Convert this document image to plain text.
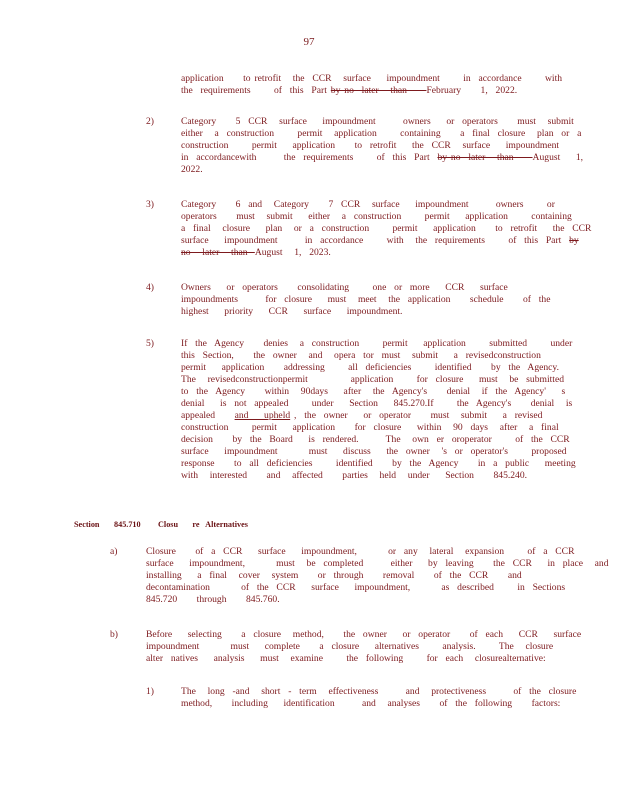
97
application     to retrofit   the  CCR   surface    impoundment      in  accordance      with
the  requirements      of  this  Part by no  later   than     February     1,  2022.
2)	Category     5  CCR   surface    impoundment       owners    or  operators     must   submit
either   a  construction      permit   application      containing     a  final  closure   plan  or  a
construction      permit    application     to  retrofit    the  CCR   surface    impoundment
in  accordancewith       the  requirements      of  this  Part  by no  later   than     August    1,
2022.
3)	Category     6  and   Category     7  CCR   surface    impoundment       owners      or
operators     must   submit    either   a  construction      permit    application      containing
a  final   closure    plan   or  a  construction      permit    application     to  retrofit    the  CCR
surface    impoundment       in  accordance      with   the  requirements      of  this  Part  by
no   later   than  August   1,  2023.
4)	Owners    or  operators     consolidating      one  or  more    CCR    surface
impoundments       for  closure    must   meet   the  application     schedule     of  the
highest    priority    CCR    surface    impoundment.
5)	If  the  Agency     denies   a  construction      permit    application      submitted      under
this  Section,     the  owner   and   opera  tor  must   submit    a  revisedconstruction
permit    application     addressing      all  deficiencies      identified     by  the  Agency.
The   revisedconstructionpermit           application      for  closure    must   be  submitted
to  the  Agency     within   90days    after   the  Agency's     denial   if  the  Agency'    s
denial    is  not  appealed      under    Section    845.270.If      the  Agency's     denial   is
appealed     and    upheld ,  the  owner    or  operator     must   submit    a  revised
construction      permit    application     for  closure    within   90  days   after   a  final
decision     by  the  Board    is  rendered.       The   own  er  oroperator      of  the  CCR
surface    impoundment        must    discuss    the  owner   's  or  operator's      proposed
response     to  all  deficiencies      identified     by  the  Agency     in  a  public    meeting
with   interested     and   affected     parties   held   under    Section     845.240.
Section 845.710 Closu       re   Alternatives
a)	Closure     of  a  CCR    surface    impoundment,        or  any   lateral   expansion      of  a  CCR
surface    impoundment,        must   be  completed       either    by  leaving     the  CCR    in  place   and
installing    a  final   cover   system     or  through     removal     of  the  CCR     and
decontamination        of  the  CCR    surface    impoundment,        as  described      in  Sections
845.720     through     845.760.
b)	Before    selecting     a  closure   method,     the  owner    or  operator     of  each    CCR    surface
impoundment        must    complete     a  closure    alternatives      analysis.      The   closure
alter  natives    analysis    must   examine      the  following      for  each   closurealternative:
1)	The   long  -and   short  -  term   effectiveness       and   protectiveness       of  the  closure
method,     including    identification       and   analyses     of  the  following     factors:
